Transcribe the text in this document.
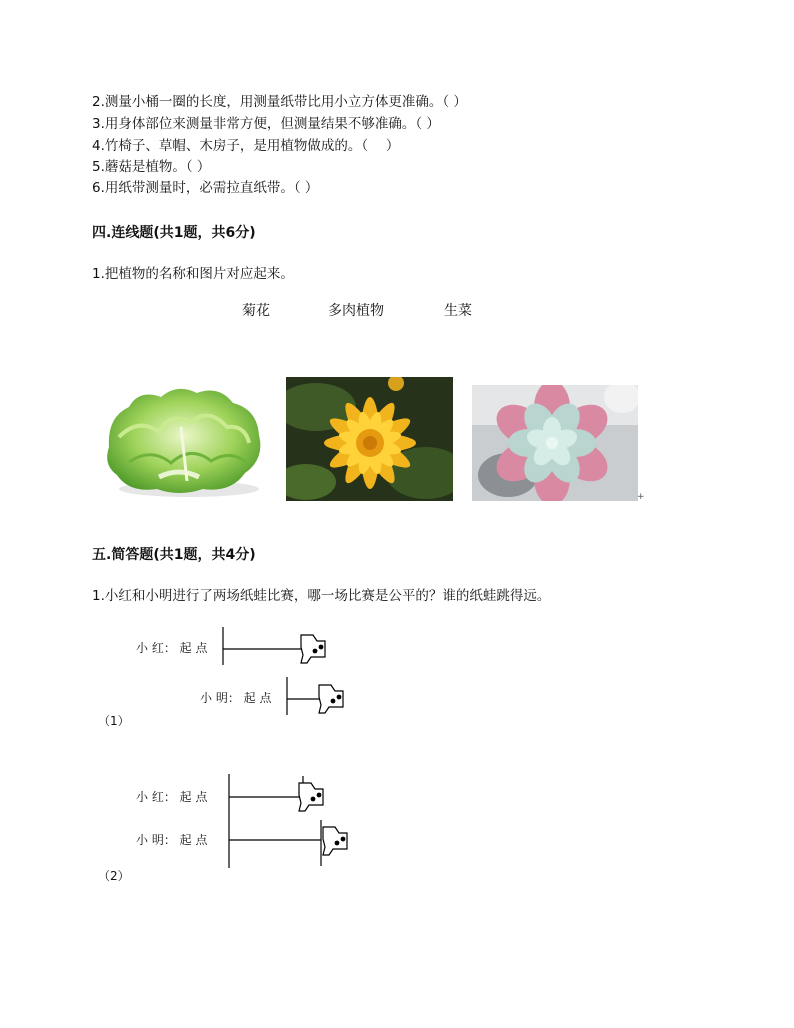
2.测量小桶一圈的长度，用测量纸带比用小立方体更准确。（ ）
3.用身体部位来测量非常方便，但测量结果不够准确。（ ）
4.竹椅子、草帽、木房子，是用植物做成的。（　 ）
5.蘑菇是植物。（ ）
6.用纸带测量时，必需拉直纸带。（ ）
四.连线题(共1题，共6分)
1.把植物的名称和图片对应起来。
菊花	多肉植物	生菜
+
五.简答题(共1题，共4分)
1.小红和小明进行了两场纸蛙比赛，哪一场比赛是公平的？谁的纸蛙跳得远。
小 红： 起 点
小 明： 起 点
（1）
小 红： 起 点
小 明： 起 点
（2）
